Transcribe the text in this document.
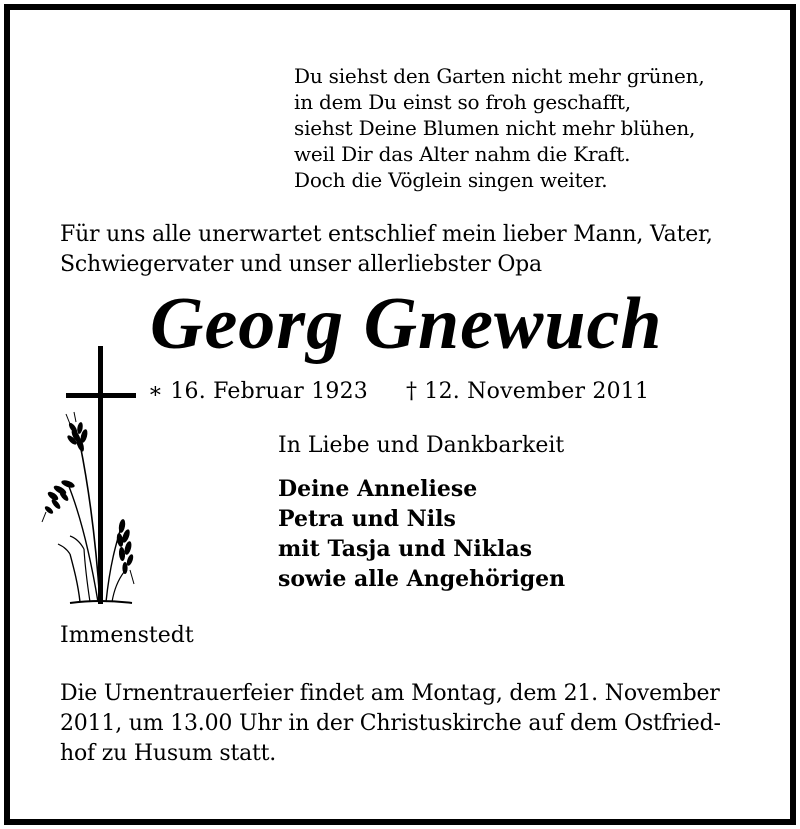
Du siehst den Garten nicht mehr grünen,
in dem Du einst so froh geschafft,
siehst Deine Blumen nicht mehr blühen,
weil Dir das Alter nahm die Kraft.
Doch die Vöglein singen weiter.
Für uns alle unerwartet entschlief mein lieber Mann, Vater,
Schwiegervater und unser allerliebster Opa
Georg Gnewuch
∗ 16. Februar 1923 † 12. November 2011
In Liebe und Dankbarkeit
Deine Anneliese
Petra und Nils
mit Tasja und Niklas
sowie alle Angehörigen
Immenstedt
Die Urnentrauerfeier findet am Montag, dem 21. November
2011, um 13.00 Uhr in der Christuskirche auf dem Ostfried-
hof zu Husum statt.
